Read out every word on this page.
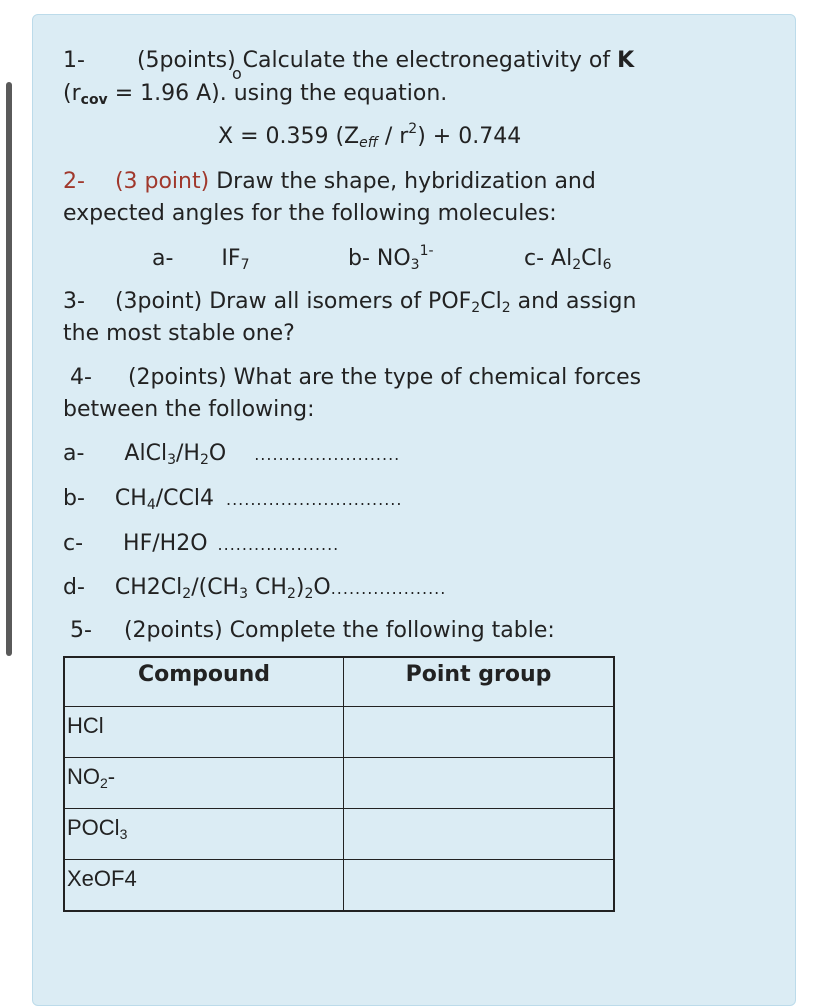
1- (5points) Calculate the electronegativity of K
o
($r_{cov} = 1.96$ A). using the equation.
X = 0.359 $(Z_{eff} / r^2) + 0.744$
2- (3 point) Draw the shape, hybridization and
expected angles for the following molecules:
a- $IF_7$	b- $NO_3^{1-}$	c- $Al_2Cl_6$
3- (3point) Draw all isomers of $POF_2Cl_2$ and assign
the most stable one?
4- (2points) What are the type of chemical forces
between the following:
a- $AlCl_3/H_2O$ ........................
b- $CH_4/CCl4$ .............................
c- HF/H2O ....................
d- $CH2Cl_2/(CH_3$ $CH_2)_2O$...................
5- (2points) Complete the following table:
Compound	Point group
HCl	
$NO_2-$	
POCl$_3$	
XeOF4	
